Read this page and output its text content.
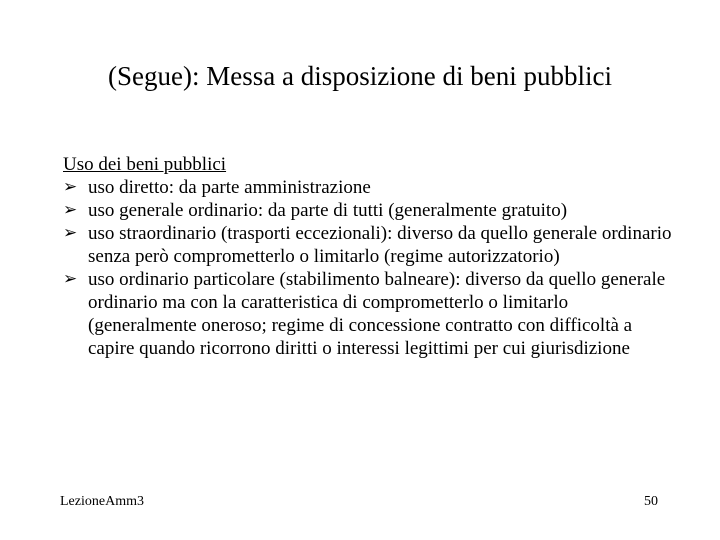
(Segue): Messa a disposizione di beni pubblici

Uso dei beni pubblici

➢ uso diretto: da parte amministrazione
➢ uso generale ordinario: da parte di tutti (generalmente gratuito)
➢ uso straordinario (trasporti eccezionali): diverso da quello generale ordinario senza però comprometterlo o limitarlo (regime autorizzatorio)
➢ uso ordinario particolare (stabilimento balneare): diverso da quello generale ordinario ma con la caratteristica di comprometterlo o limitarlo (generalmente oneroso; regime di concessione contratto con difficoltà a capire quando ricorrono diritti o interessi legittimi per cui giurisdizione
LezioneAmm3	50
